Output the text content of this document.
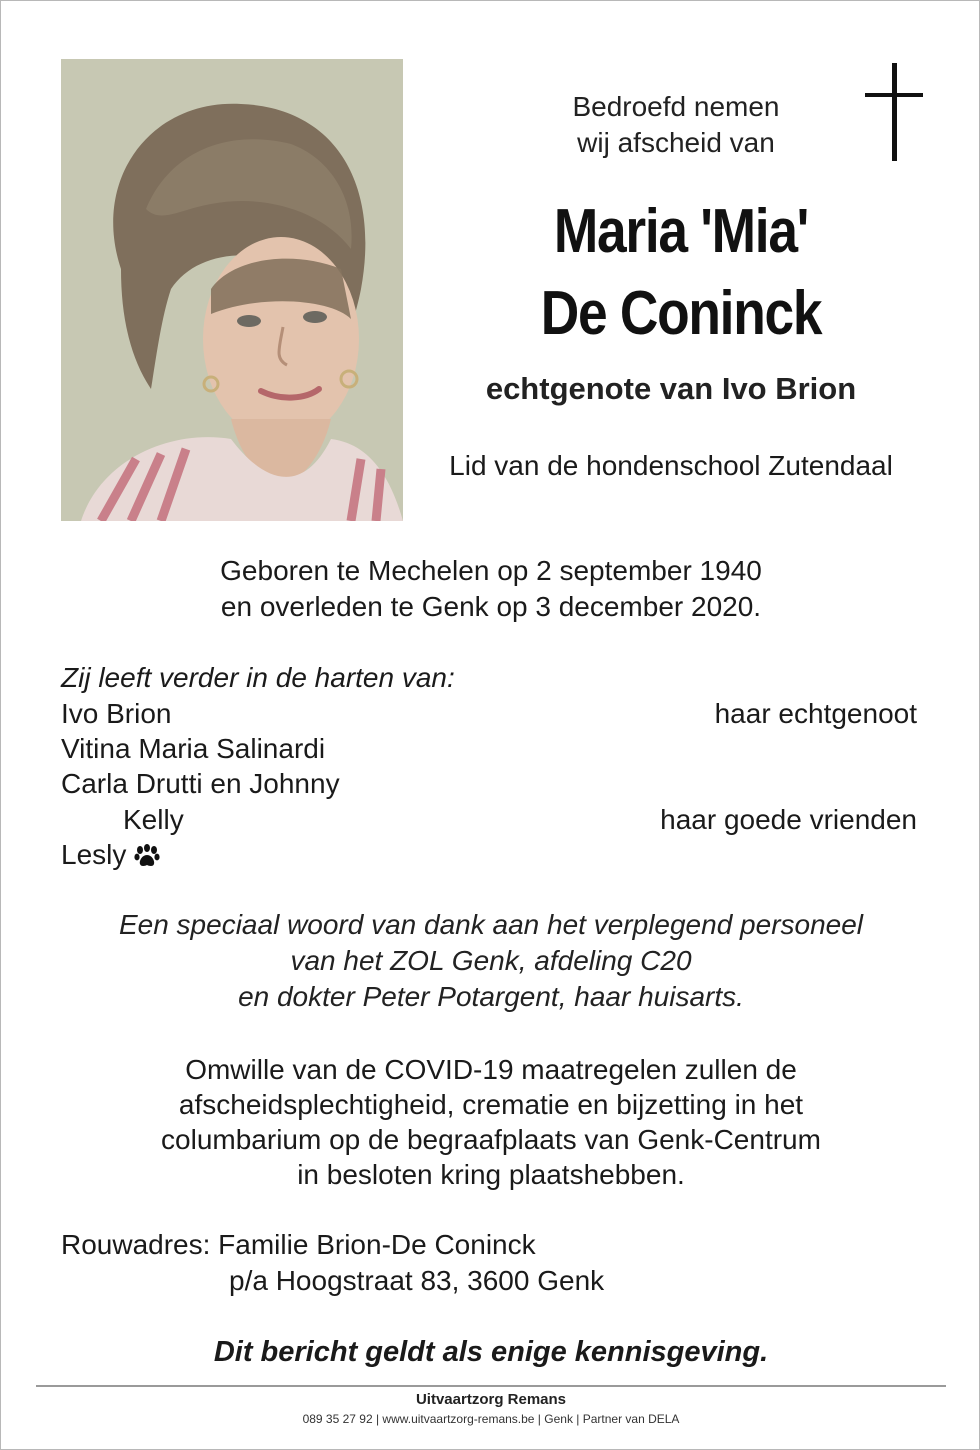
Bedroefd nemen
wij afscheid van
Maria 'Mia'
De Coninck
echtgenote van Ivo Brion
Lid van de hondenschool Zutendaal
Geboren te Mechelen op 2 september 1940
en overleden te Genk op 3 december 2020.
Zij leeft verder in de harten van:
Ivo Brion	haar echtgenoot
Vitina Maria Salinardi
Carla Drutti en Johnny
Kelly	haar goede vrienden
Lesly
Een speciaal woord van dank aan het verplegend personeel
van het ZOL Genk, afdeling C20
en dokter Peter Potargent, haar huisarts.
Omwille van de COVID-19 maatregelen zullen de
afscheidsplechtigheid, crematie en bijzetting in het
columbarium op de begraafplaats van Genk-Centrum
in besloten kring plaatshebben.
Rouwadres: Familie Brion-De Coninck
p/a Hoogstraat 83, 3600 Genk
Dit bericht geldt als enige kennisgeving.
Uitvaartzorg Remans
089 35 27 92 | www.uitvaartzorg-remans.be | Genk | Partner van DELA
